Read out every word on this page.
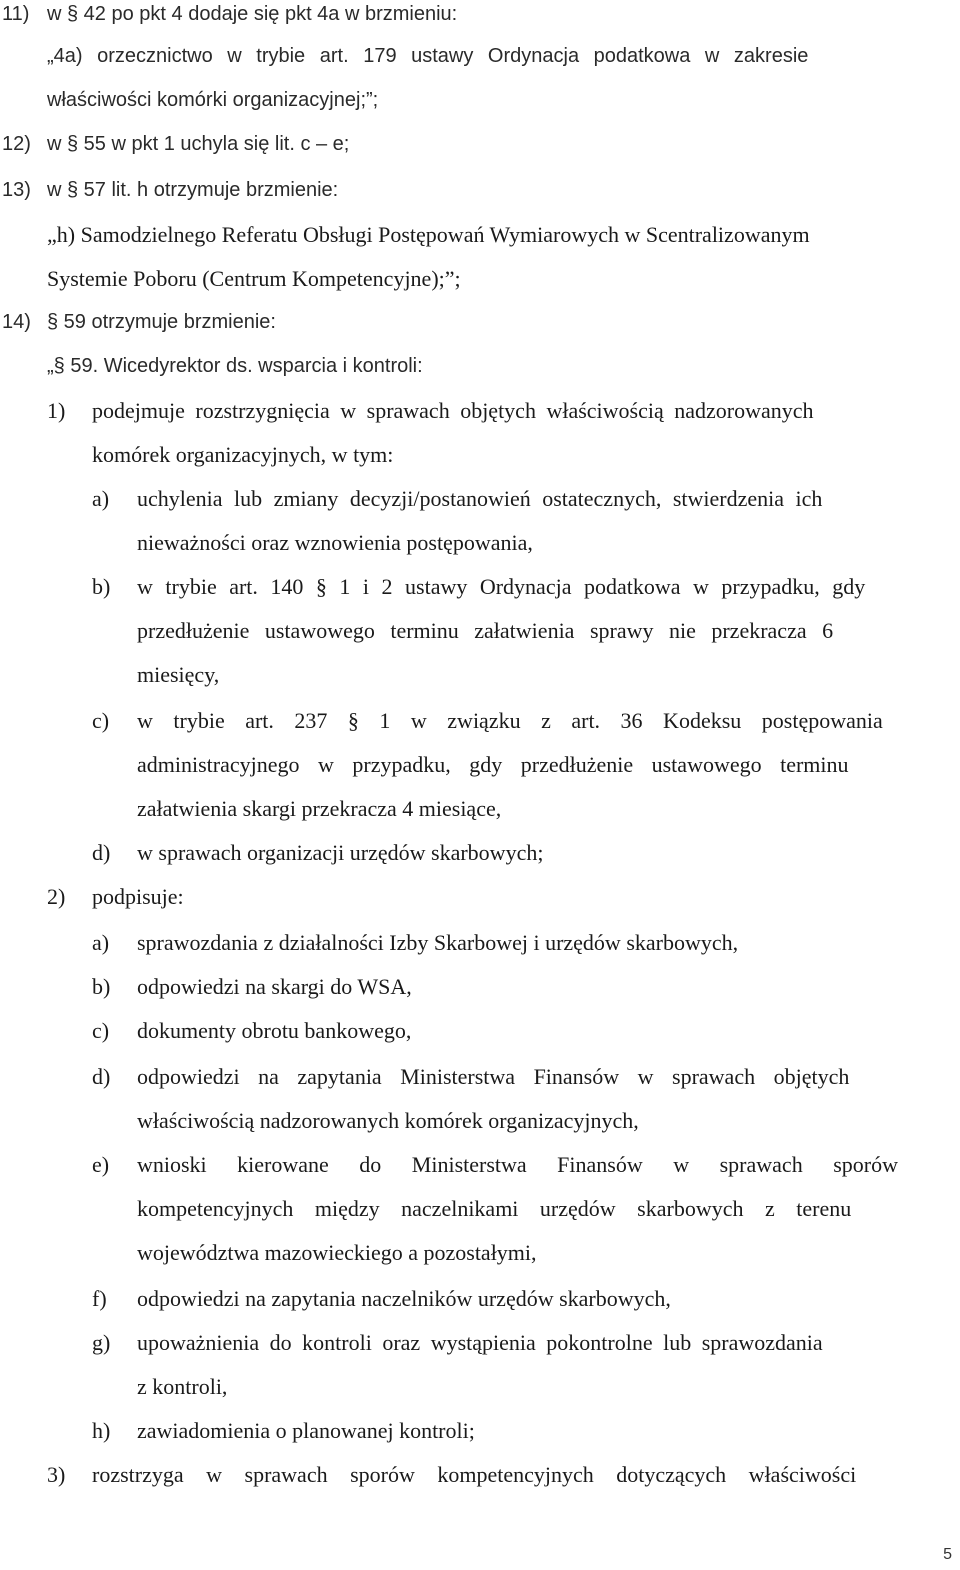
11) w § 42 po pkt 4 dodaje się pkt 4a w brzmieniu:
„4a) orzecznictwo w trybie art. 179 ustawy Ordynacja podatkowa w zakresie
właściwości komórki organizacyjnej;”;
12) w § 55 w pkt 1 uchyla się lit. c – e;
13) w § 57 lit. h otrzymuje brzmienie:
„h) Samodzielnego Referatu Obsługi Postępowań Wymiarowych w Scentralizowanym
Systemie Poboru (Centrum Kompetencyjne);”;
14) § 59 otrzymuje brzmienie:
„§ 59. Wicedyrektor ds. wsparcia i kontroli:
1) podejmuje rozstrzygnięcia w sprawach objętych właściwością nadzorowanych
komórek organizacyjnych, w tym:
a) uchylenia lub zmiany decyzji/postanowień ostatecznych, stwierdzenia ich
nieważności oraz wznowienia postępowania,
b) w trybie art. 140 § 1 i 2 ustawy Ordynacja podatkowa w przypadku, gdy
przedłużenie ustawowego terminu załatwienia sprawy nie przekracza 6
miesięcy,
c) w trybie art. 237 § 1 w związku z art. 36 Kodeksu postępowania
administracyjnego w przypadku, gdy przedłużenie ustawowego terminu
załatwienia skargi przekracza 4 miesiące,
d) w sprawach organizacji urzędów skarbowych;
2) podpisuje:
a) sprawozdania z działalności Izby Skarbowej i urzędów skarbowych,
b) odpowiedzi na skargi do WSA,
c) dokumenty obrotu bankowego,
d) odpowiedzi na zapytania Ministerstwa Finansów w sprawach objętych
właściwością nadzorowanych komórek organizacyjnych,
e) wnioski kierowane do Ministerstwa Finansów w sprawach sporów
kompetencyjnych między naczelnikami urzędów skarbowych z terenu
województwa mazowieckiego a pozostałymi,
f) odpowiedzi na zapytania naczelników urzędów skarbowych,
g) upoważnienia do kontroli oraz wystąpienia pokontrolne lub sprawozdania
z kontroli,
h) zawiadomienia o planowanej kontroli;
3) rozstrzyga w sprawach sporów kompetencyjnych dotyczących właściwości
5
